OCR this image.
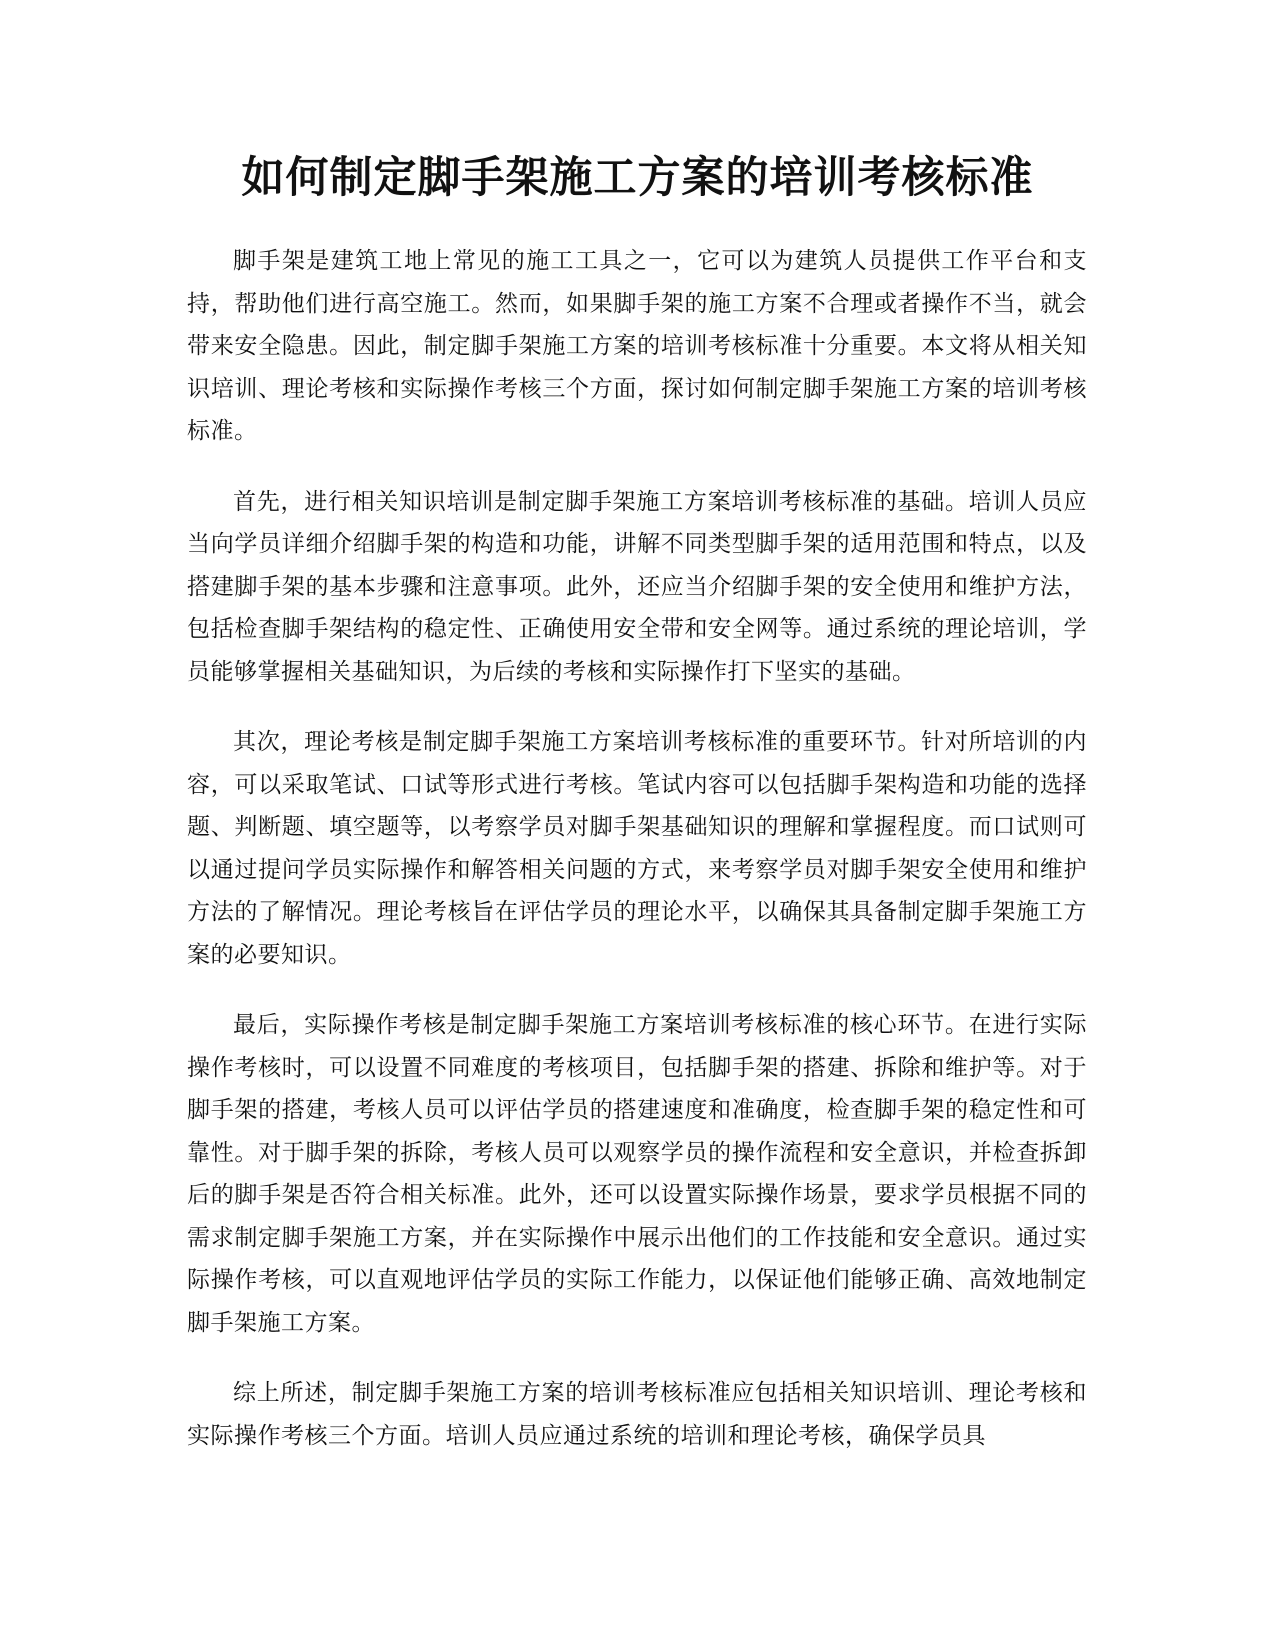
如何制定脚手架施工方案的培训考核标准

脚手架是建筑工地上常见的施工工具之一，它可以为建筑人员提供工作平台和支持，帮助他们进行高空施工。然而，如果脚手架的施工方案不合理或者操作不当，就会带来安全隐患。因此，制定脚手架施工方案的培训考核标准十分重要。本文将从相关知识培训、理论考核和实际操作考核三个方面，探讨如何制定脚手架施工方案的培训考核标准。

首先，进行相关知识培训是制定脚手架施工方案培训考核标准的基础。培训人员应当向学员详细介绍脚手架的构造和功能，讲解不同类型脚手架的适用范围和特点，以及搭建脚手架的基本步骤和注意事项。此外，还应当介绍脚手架的安全使用和维护方法，包括检查脚手架结构的稳定性、正确使用安全带和安全网等。通过系统的理论培训，学员能够掌握相关基础知识，为后续的考核和实际操作打下坚实的基础。

其次，理论考核是制定脚手架施工方案培训考核标准的重要环节。针对所培训的内容，可以采取笔试、口试等形式进行考核。笔试内容可以包括脚手架构造和功能的选择题、判断题、填空题等，以考察学员对脚手架基础知识的理解和掌握程度。而口试则可以通过提问学员实际操作和解答相关问题的方式，来考察学员对脚手架安全使用和维护方法的了解情况。理论考核旨在评估学员的理论水平，以确保其具备制定脚手架施工方案的必要知识。

最后，实际操作考核是制定脚手架施工方案培训考核标准的核心环节。在进行实际操作考核时，可以设置不同难度的考核项目，包括脚手架的搭建、拆除和维护等。对于脚手架的搭建，考核人员可以评估学员的搭建速度和准确度，检查脚手架的稳定性和可靠性。对于脚手架的拆除，考核人员可以观察学员的操作流程和安全意识，并检查拆卸后的脚手架是否符合相关标准。此外，还可以设置实际操作场景，要求学员根据不同的需求制定脚手架施工方案，并在实际操作中展示出他们的工作技能和安全意识。通过实际操作考核，可以直观地评估学员的实际工作能力，以保证他们能够正确、高效地制定脚手架施工方案。

综上所述，制定脚手架施工方案的培训考核标准应包括相关知识培训、理论考核和实际操作考核三个方面。培训人员应通过系统的培训和理论考核，确保学员具
